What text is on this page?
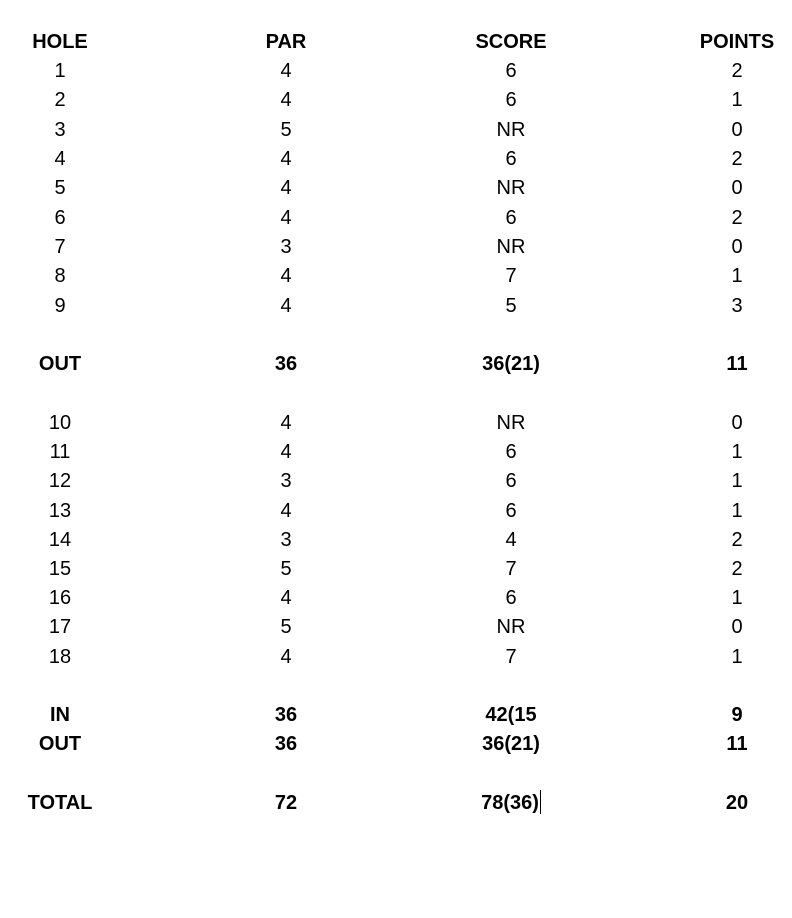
HOLE	PAR	SCORE	POINTS
1	4	6	2
2	4	6	1
3	5	NR	0
4	4	6	2
5	4	NR	0
6	4	6	2
7	3	NR	0
8	4	7	1
9	4	5	3
OUT	36	36(21)	11
10	4	NR	0
11	4	6	1
12	3	6	1
13	4	6	1
14	3	4	2
15	5	7	2
16	4	6	1
17	5	NR	0
18	4	7	1
IN	36	42(15	9
OUT	36	36(21)	11
TOTAL	72	78(36)	20
